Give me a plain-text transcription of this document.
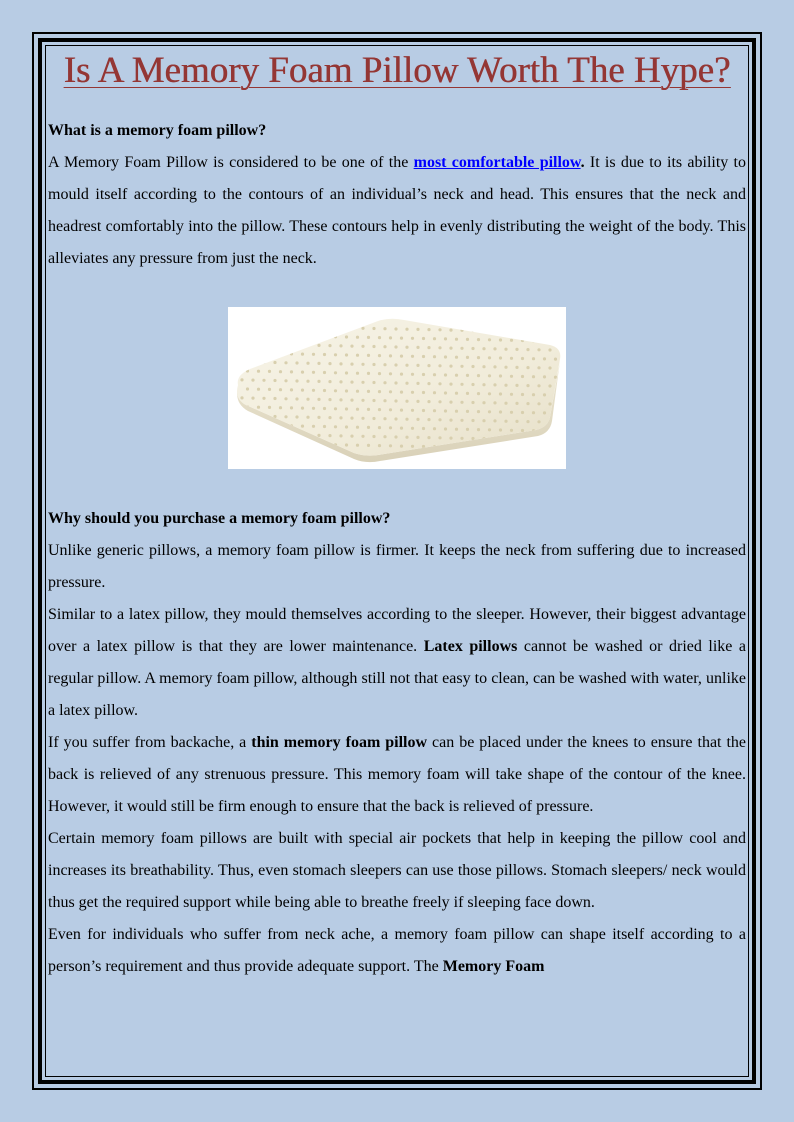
Is A Memory Foam Pillow Worth The Hype?

What is a memory foam pillow?

A Memory Foam Pillow is considered to be one of the most comfortable pillow. It is due to its ability to mould itself according to the contours of an individual’s neck and head. This ensures that the neck and headrest comfortably into the pillow. These contours help in evenly distributing the weight of the body. This alleviates any pressure from just the neck.

Why should you purchase a memory foam pillow?

Unlike generic pillows, a memory foam pillow is firmer. It keeps the neck from suffering due to increased pressure.

Similar to a latex pillow, they mould themselves according to the sleeper. However, their biggest advantage over a latex pillow is that they are lower maintenance. Latex pillows cannot be washed or dried like a regular pillow. A memory foam pillow, although still not that easy to clean, can be washed with water, unlike a latex pillow.

If you suffer from backache, a thin memory foam pillow can be placed under the knees to ensure that the back is relieved of any strenuous pressure. This memory foam will take shape of the contour of the knee. However, it would still be firm enough to ensure that the back is relieved of pressure.

Certain memory foam pillows are built with special air pockets that help in keeping the pillow cool and increases its breathability. Thus, even stomach sleepers can use those pillows. Stomach sleepers/ neck would thus get the required support while being able to breathe freely if sleeping face down.

Even for individuals who suffer from neck ache, a memory foam pillow can shape itself according to a person’s requirement and thus provide adequate support. The Memory Foam
